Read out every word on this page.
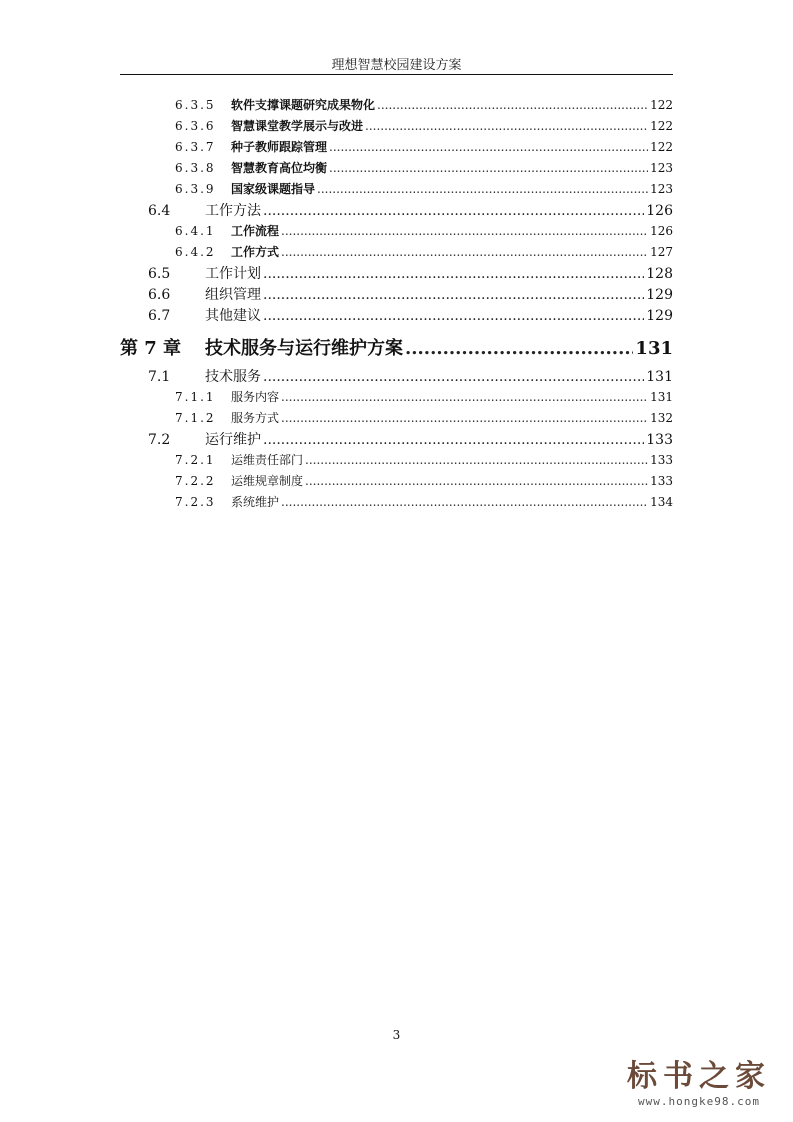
理想智慧校园建设方案
6.3.5	软件支撑课题研究成果物化 .....	122
6.3.6	智慧课堂教学展示与改进 .....	122
6.3.7	种子教师跟踪管理 .....	122
6.3.8	智慧教育高位均衡 .....	123
6.3.9	国家级课题指导 .....	123
6.4	工作方法 .....	126
6.4.1	工作流程 .....	126
6.4.2	工作方式 .....	127
6.5	工作计划 .....	128
6.6	组织管理 .....	129
6.7	其他建议 .....	129
第 7 章	技术服务与运行维护方案 .....	131
7.1	技术服务 .....	131
7.1.1	服务内容 .....	131
7.1.2	服务方式 .....	132
7.2	运行维护 .....	133
7.2.1	运维责任部门 .....	133
7.2.2	运维规章制度 .....	133
7.2.3	系统维护 .....	134
3
标书之家
www.hongke98.com
